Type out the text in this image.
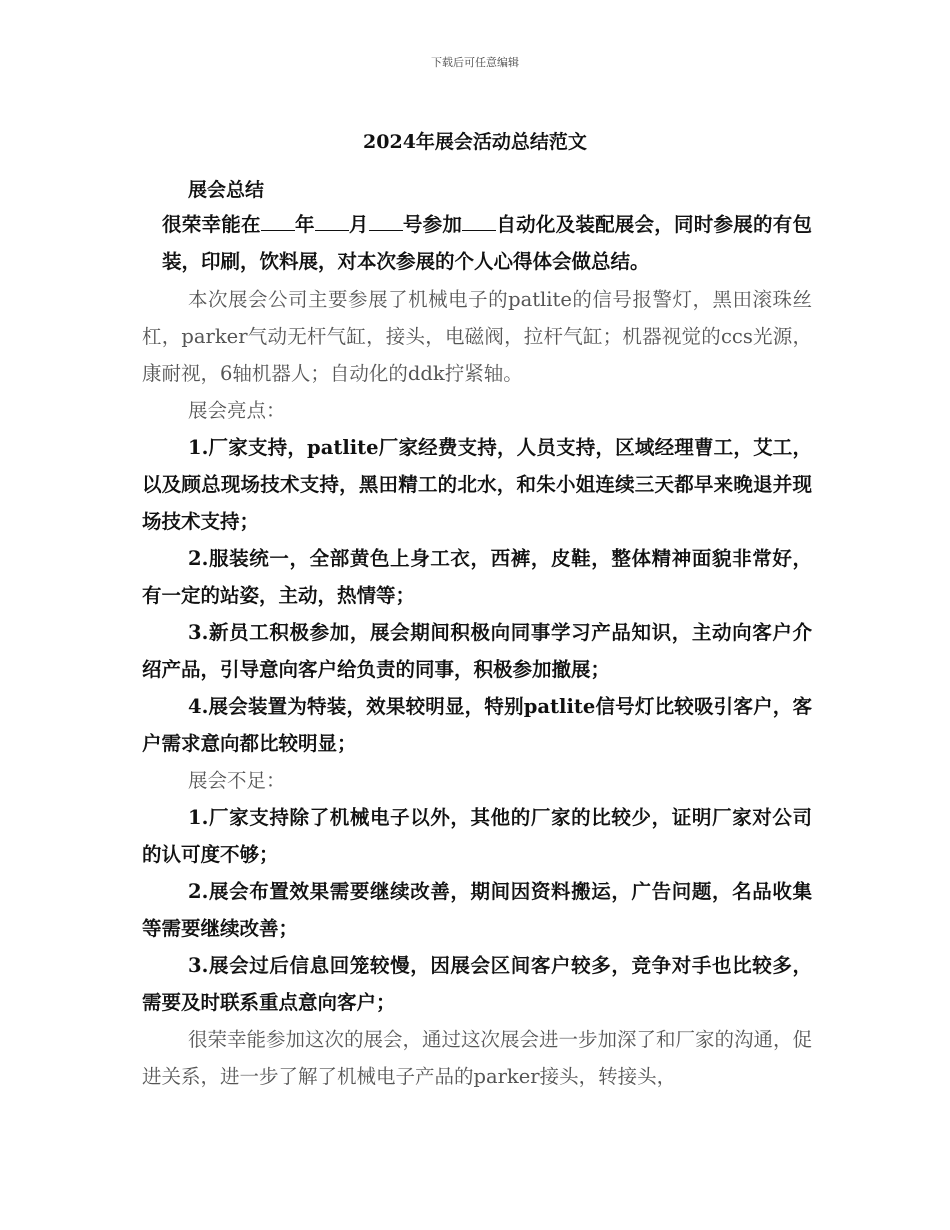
下载后可任意编辑
2024年展会活动总结范文
展会总结
很荣幸能在 年 月 号参加 自动化及装配展会，同时参展的有包装，印刷，饮料展，对本次参展的个人心得体会做总结。
本次展会公司主要参展了机械电子的patlite的信号报警灯，黑田滚珠丝杠，parker气动无杆气缸，接头，电磁阀，拉杆气缸；机器视觉的ccs光源，康耐视，6轴机器人；自动化的ddk拧紧轴。
展会亮点：
1.厂家支持，patlite厂家经费支持，人员支持，区域经理曹工，艾工，以及顾总现场技术支持，黑田精工的北水，和朱小姐连续三天都早来晚退并现场技术支持；
2.服装统一，全部黄色上身工衣，西裤，皮鞋，整体精神面貌非常好，有一定的站姿，主动，热情等；
3.新员工积极参加，展会期间积极向同事学习产品知识，主动向客户介绍产品，引导意向客户给负责的同事，积极参加撤展；
4.展会装置为特装，效果较明显，特别patlite信号灯比较吸引客户，客户需求意向都比较明显；
展会不足：
1.厂家支持除了机械电子以外，其他的厂家的比较少，证明厂家对公司的认可度不够；
2.展会布置效果需要继续改善，期间因资料搬运，广告问题，名品收集等需要继续改善；
3.展会过后信息回笼较慢，因展会区间客户较多，竞争对手也比较多，需要及时联系重点意向客户；
很荣幸能参加这次的展会，通过这次展会进一步加深了和厂家的沟通，促进关系，进一步了解了机械电子产品的parker接头，转接头，
